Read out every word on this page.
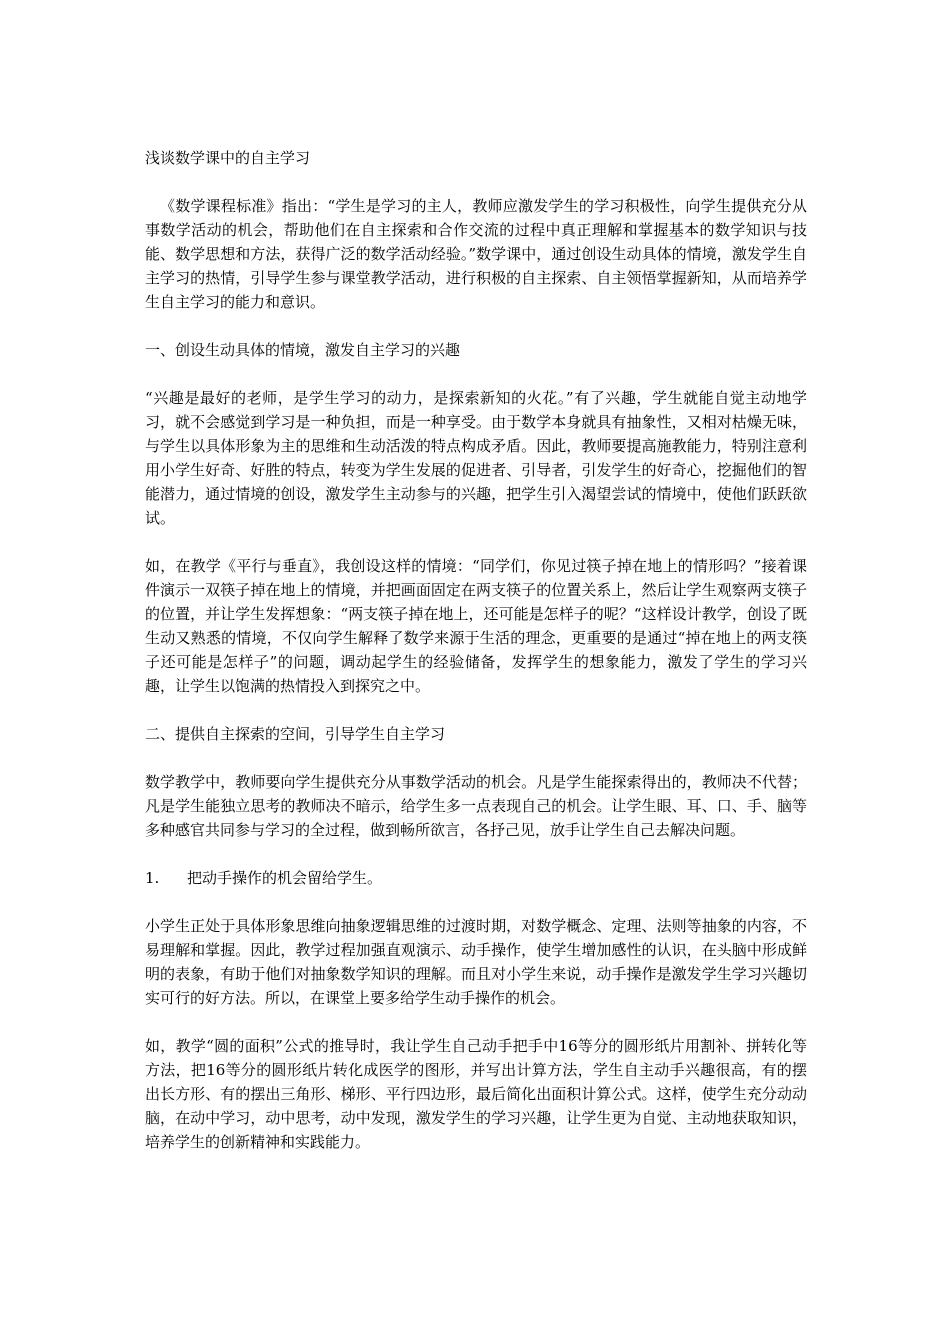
浅谈数学课中的自主学习

《数学课程标准》指出：“学生是学习的主人，教师应激发学生的学习积极性，向学生提供充分从事数学活动的机会，帮助他们在自主探索和合作交流的过程中真正理解和掌握基本的数学知识与技能、数学思想和方法，获得广泛的数学活动经验。”数学课中，通过创设生动具体的情境，激发学生自主学习的热情，引导学生参与课堂教学活动，进行积极的自主探索、自主领悟掌握新知，从而培养学生自主学习的能力和意识。

一、创设生动具体的情境，激发自主学习的兴趣

“兴趣是最好的老师，是学生学习的动力，是探索新知的火花。”有了兴趣，学生就能自觉主动地学习，就不会感觉到学习是一种负担，而是一种享受。由于数学本身就具有抽象性，又相对枯燥无味，与学生以具体形象为主的思维和生动活泼的特点构成矛盾。因此，教师要提高施教能力，特别注意利用小学生好奇、好胜的特点，转变为学生发展的促进者、引导者，引发学生的好奇心，挖掘他们的智能潜力，通过情境的创设，激发学生主动参与的兴趣，把学生引入渴望尝试的情境中，使他们跃跃欲试。

如，在教学《平行与垂直》，我创设这样的情境：“同学们，你见过筷子掉在地上的情形吗？”接着课件演示一双筷子掉在地上的情境，并把画面固定在两支筷子的位置关系上，然后让学生观察两支筷子的位置，并让学生发挥想象：“两支筷子掉在地上，还可能是怎样子的呢？“这样设计教学，创设了既生动又熟悉的情境，不仅向学生解释了数学来源于生活的理念，更重要的是通过“掉在地上的两支筷子还可能是怎样子”的问题，调动起学生的经验储备，发挥学生的想象能力，激发了学生的学习兴趣，让学生以饱满的热情投入到探究之中。

二、提供自主探索的空间，引导学生自主学习

数学教学中，教师要向学生提供充分从事数学活动的机会。凡是学生能探索得出的，教师决不代替；凡是学生能独立思考的教师决不暗示，给学生多一点表现自己的机会。让学生眼、耳、口、手、脑等多种感官共同参与学习的全过程，做到畅所欲言，各抒己见，放手让学生自己去解决问题。

1.	把动手操作的机会留给学生。

小学生正处于具体形象思维向抽象逻辑思维的过渡时期，对数学概念、定理、法则等抽象的内容，不易理解和掌握。因此，教学过程加强直观演示、动手操作，使学生增加感性的认识，在头脑中形成鲜明的表象，有助于他们对抽象数学知识的理解。而且对小学生来说，动手操作是激发学生学习兴趣切实可行的好方法。所以，在课堂上要多给学生动手操作的机会。

如，教学“圆的面积”公式的推导时，我让学生自己动手把手中16等分的圆形纸片用割补、拼转化等方法，把16等分的圆形纸片转化成医学的图形，并写出计算方法，学生自主动手兴趣很高，有的摆出长方形、有的摆出三角形、梯形、平行四边形，最后简化出面积计算公式。这样，使学生充分动动脑，在动中学习，动中思考，动中发现，激发学生的学习兴趣，让学生更为自觉、主动地获取知识，培养学生的创新精神和实践能力。
